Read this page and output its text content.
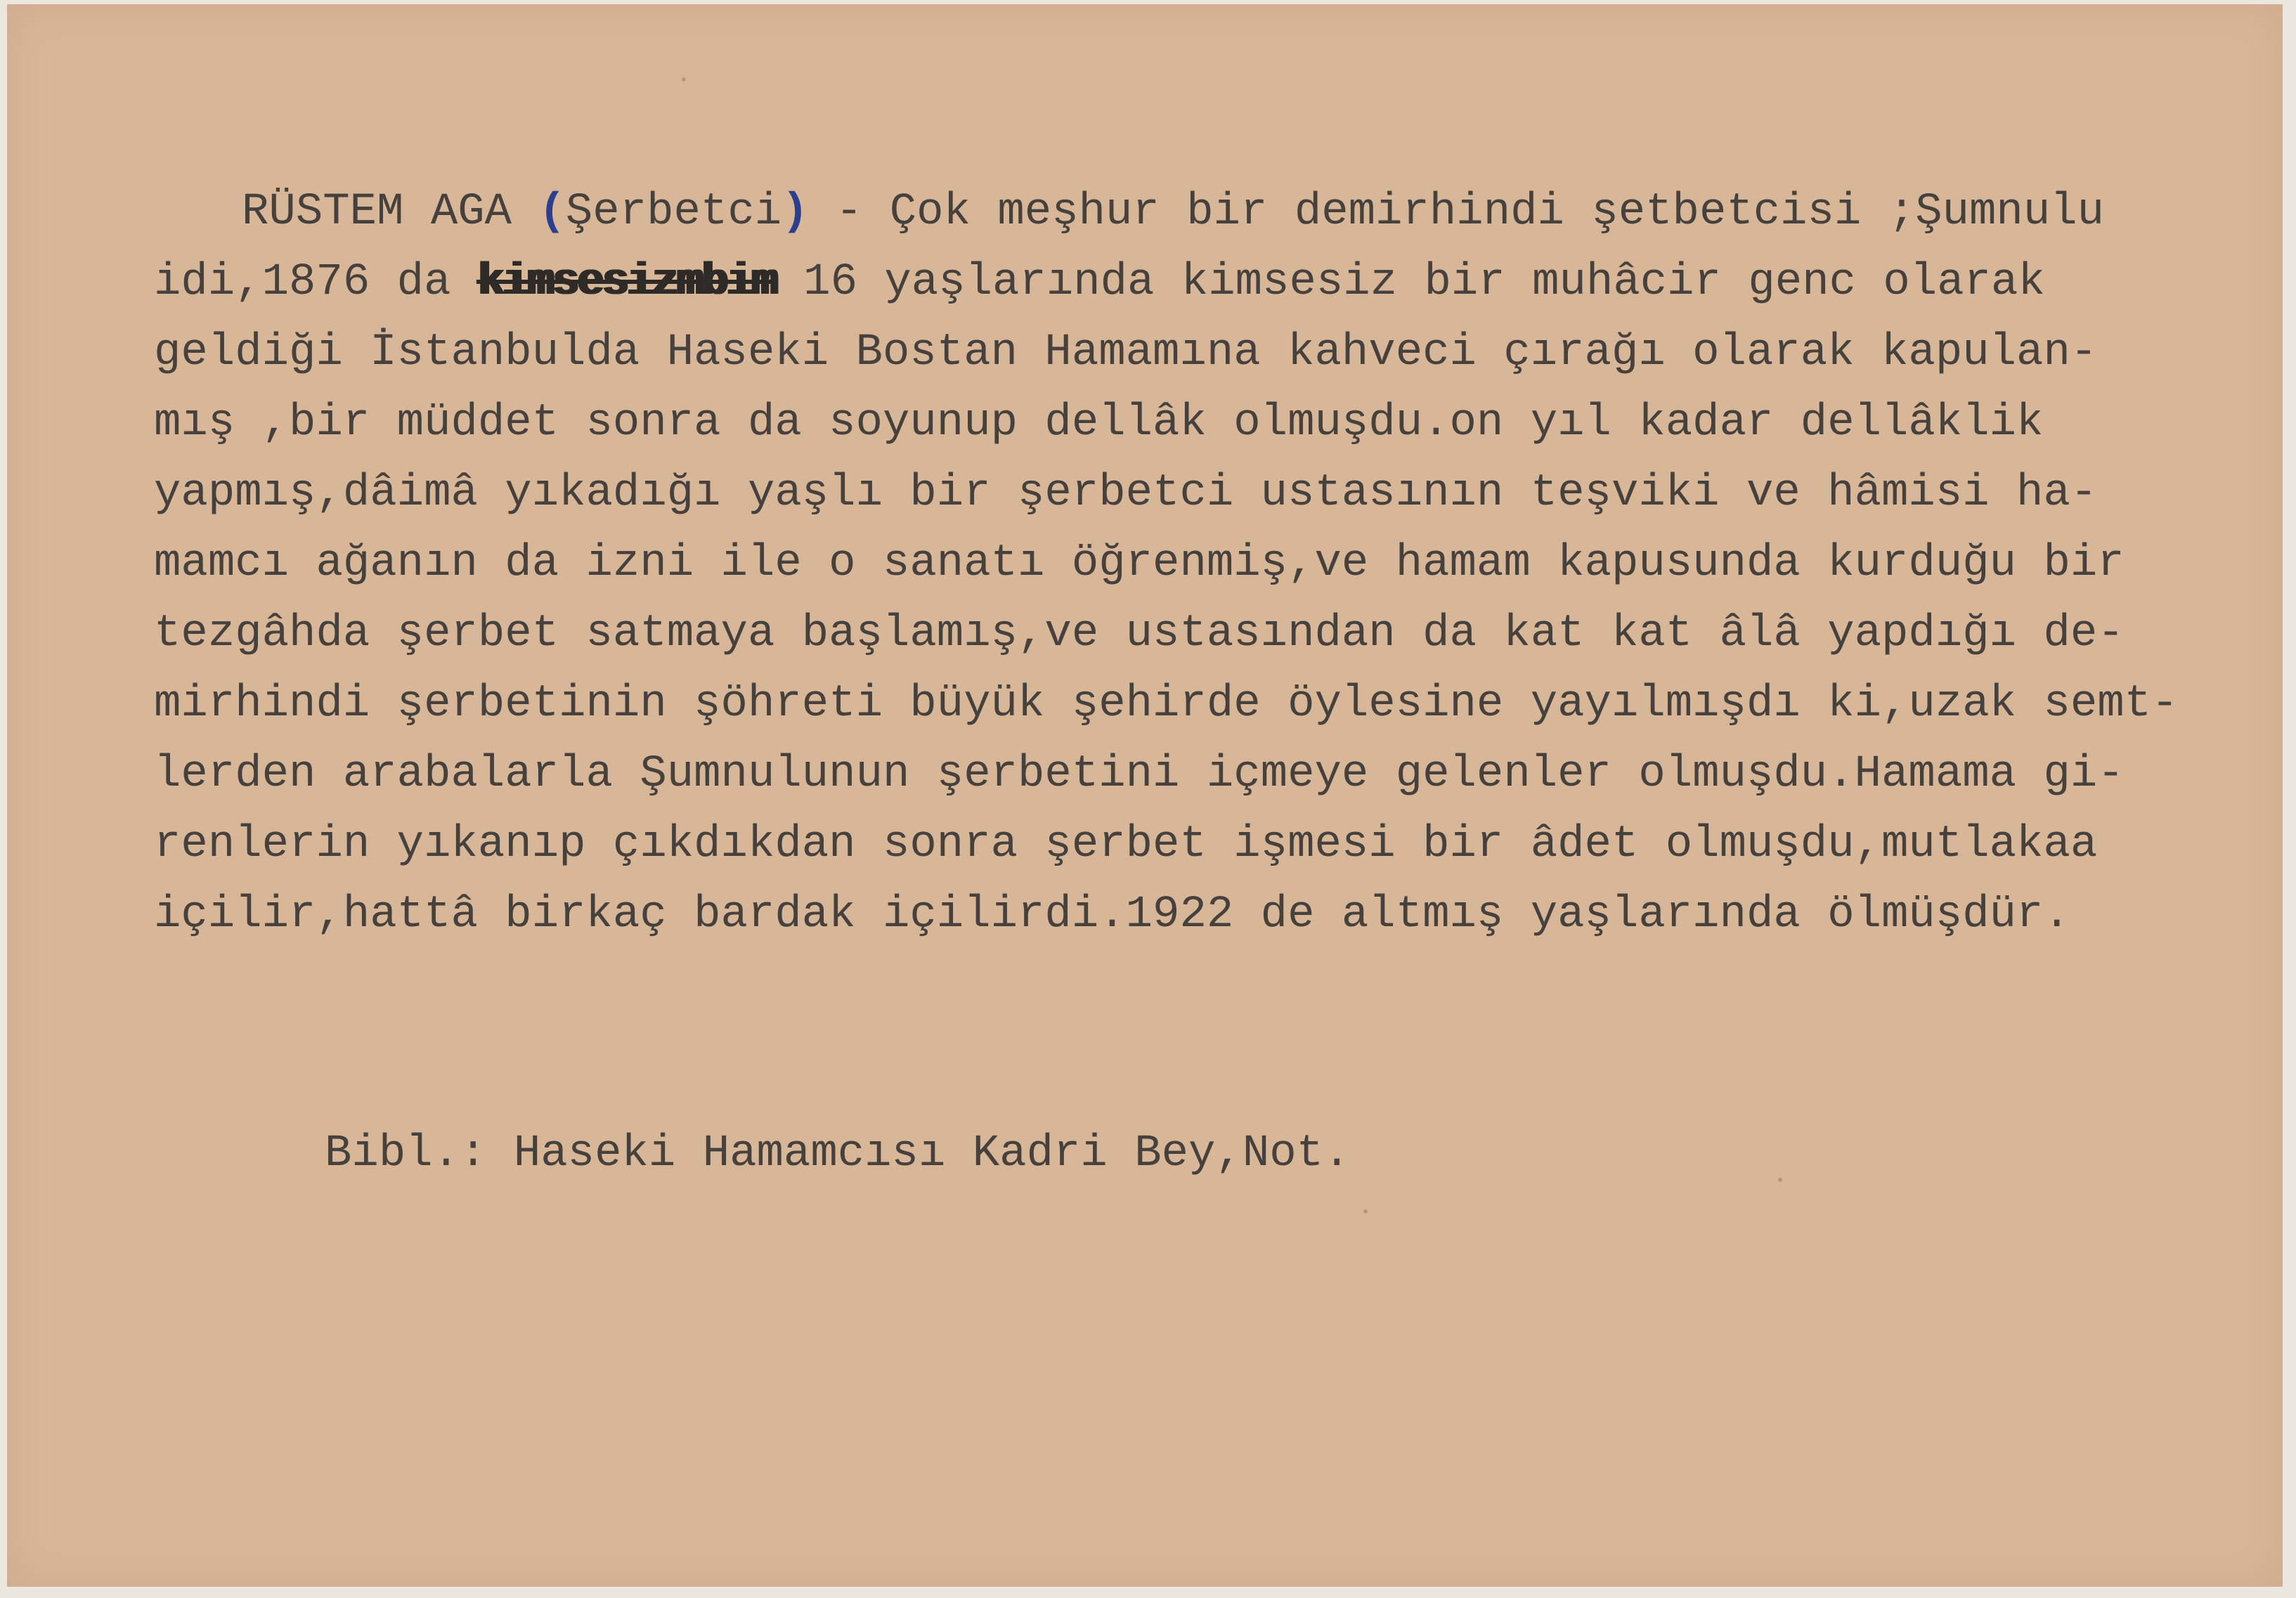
RÜSTEM AGA (Şerbetci) - Çok meşhur bir demirhindi şetbetcisi ;Şumnulu
idi,1876 da kimsesizmbim 16 yaşlarında kimsesiz bir muhâcir genc olarak
geldiği İstanbulda Haseki Bostan Hamamına kahveci çırağı olarak kapulan-
mış ,bir müddet sonra da soyunup dellâk olmuşdu.on yıl kadar dellâklik
yapmış,dâimâ yıkadığı yaşlı bir şerbetci ustasının teşviki ve hâmisi ha-
mamcı ağanın da izni ile o sanatı öğrenmiş,ve hamam kapusunda kurduğu bir
tezgâhda şerbet satmaya başlamış,ve ustasından da kat kat âlâ yapdığı de-
mirhindi şerbetinin şöhreti büyük şehirde öylesine yayılmışdı ki,uzak semt-
lerden arabalarla Şumnulunun şerbetini içmeye gelenler olmuşdu.Hamama gi-
renlerin yıkanıp çıkdıkdan sonra şerbet işmesi bir âdet olmuşdu,mutlakaa
içilir,hattâ birkaç bardak içilirdi.1922 de altmış yaşlarında ölmüşdür.
Bibl.: Haseki Hamamcısı Kadri Bey,Not.
